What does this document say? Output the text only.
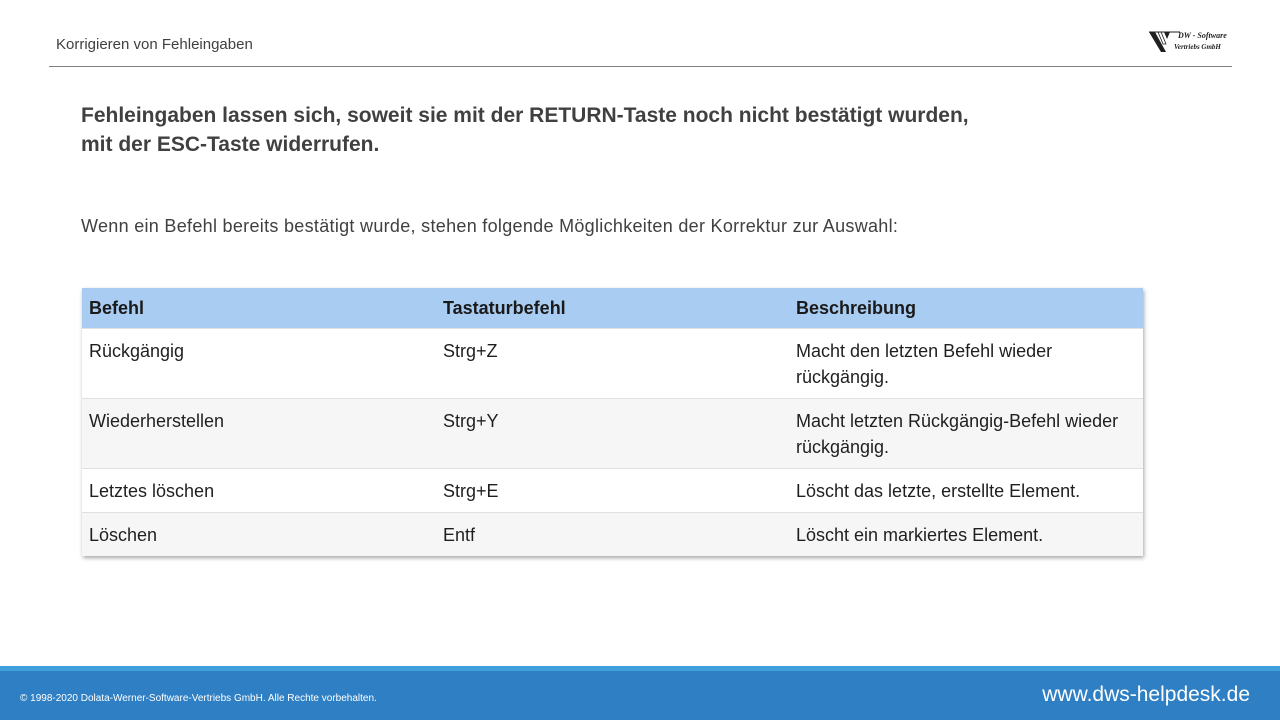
Korrigieren von Fehleingaben
DW - Software
Vertriebs GmbH
Fehleingaben lassen sich, soweit sie mit der RETURN-Taste noch nicht bestätigt wurden,
mit der ESC-Taste widerrufen.
Wenn ein Befehl bereits bestätigt wurde, stehen folgende Möglichkeiten der Korrektur zur Auswahl:
Befehl	Tastaturbefehl	Beschreibung
Rückgängig	Strg+Z	Macht den letzten Befehl wieder rückgängig.
Wiederherstellen	Strg+Y	Macht letzten Rückgängig-Befehl wieder rückgängig.
Letztes löschen	Strg+E	Löscht das letzte, erstellte Element.
Löschen	Entf	Löscht ein markiertes Element.
© 1998-2020 Dolata-Werner-Software-Vertriebs GmbH. Alle Rechte vorbehalten.	www.dws-helpdesk.de
